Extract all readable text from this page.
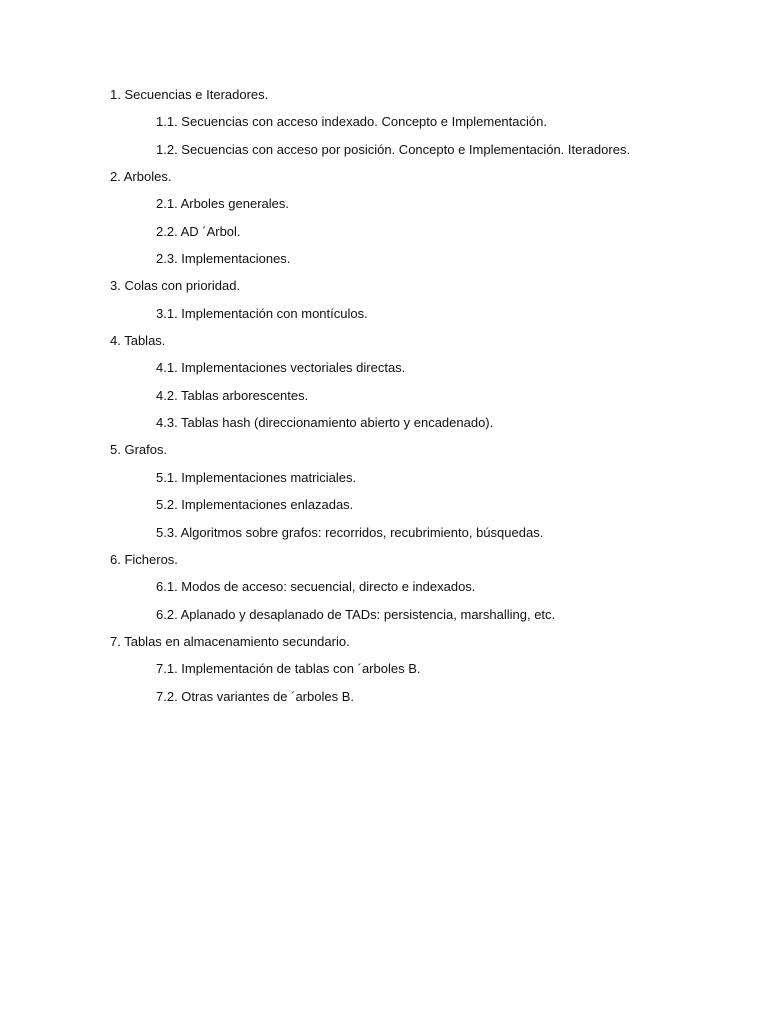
1. Secuencias e Iteradores.
1.1. Secuencias con acceso indexado. Concepto e Implementación.
1.2. Secuencias con acceso por posición. Concepto e Implementación. Iteradores.
2. Arboles.
2.1. Arboles generales.
2.2. AD ´Arbol.
2.3. Implementaciones.
3. Colas con prioridad.
3.1. Implementación con montículos.
4. Tablas.
4.1. Implementaciones vectoriales directas.
4.2. Tablas arborescentes.
4.3. Tablas hash (direccionamiento abierto y encadenado).
5. Grafos.
5.1. Implementaciones matriciales.
5.2. Implementaciones enlazadas.
5.3. Algoritmos sobre grafos: recorridos, recubrimiento, búsquedas.
6. Ficheros.
6.1. Modos de acceso: secuencial, directo e indexados.
6.2. Aplanado y desaplanado de TADs: persistencia, marshalling, etc.
7. Tablas en almacenamiento secundario.
7.1. Implementación de tablas con ´arboles B.
7.2. Otras variantes de ´arboles B.
